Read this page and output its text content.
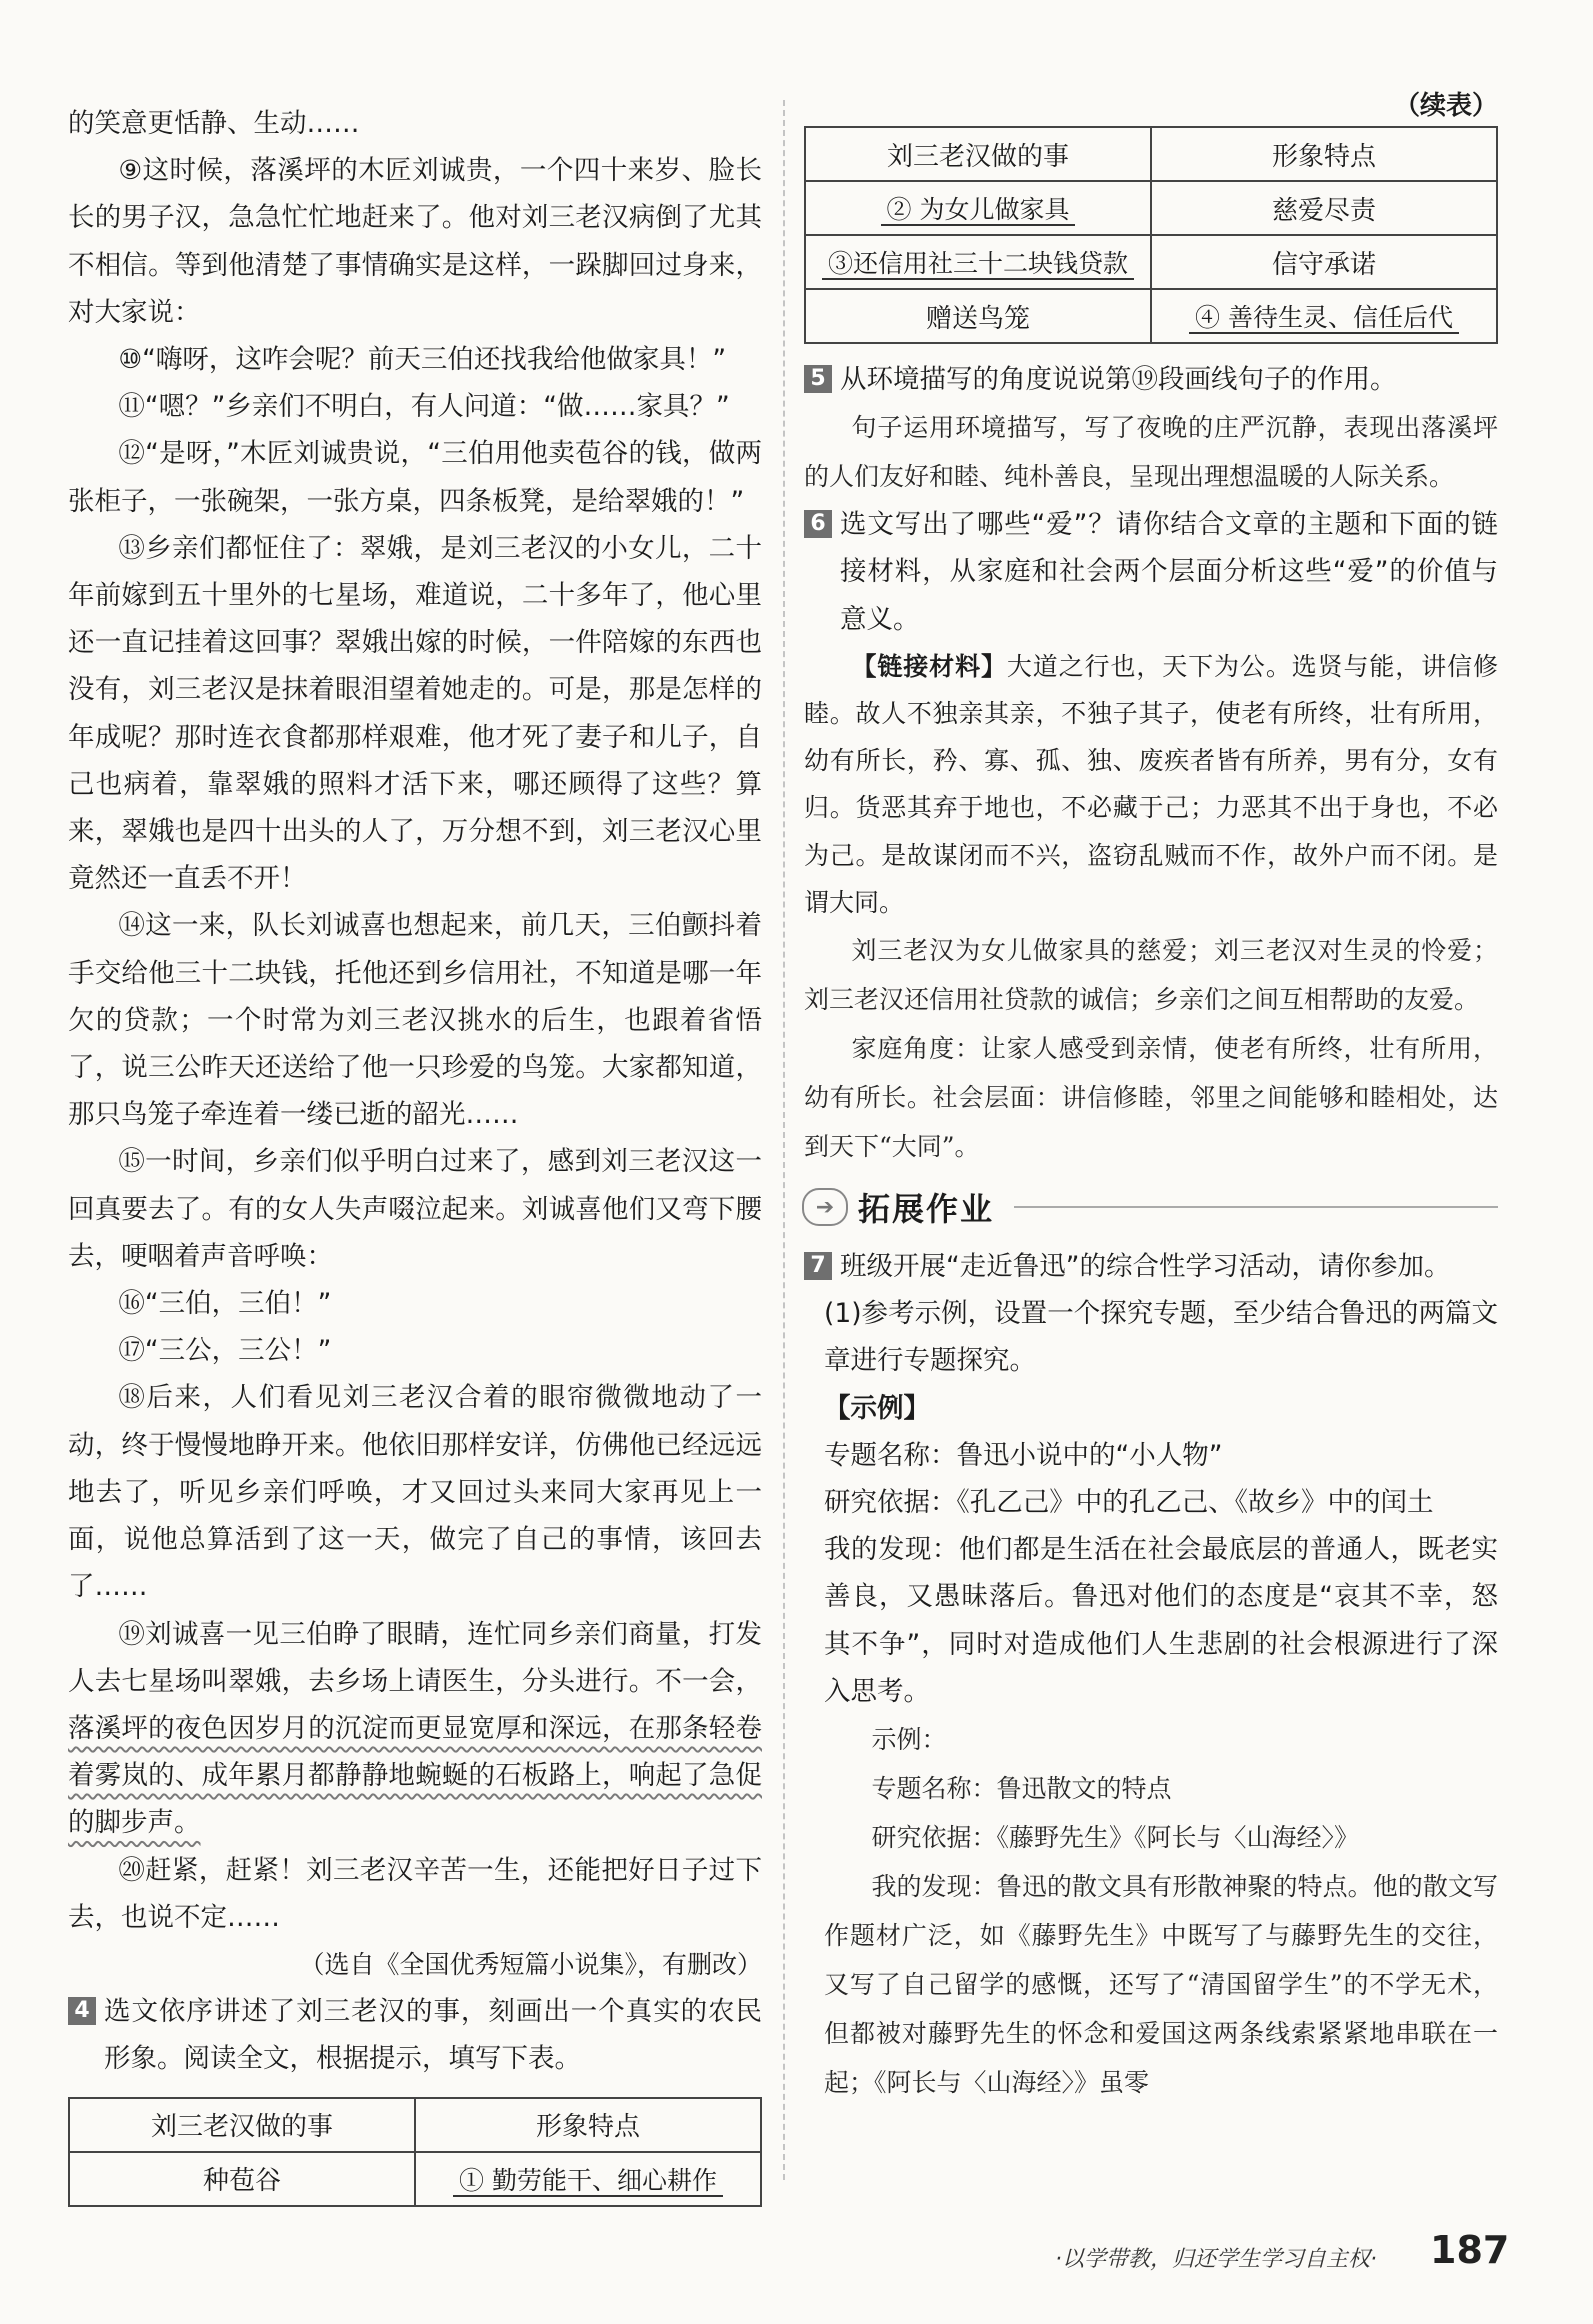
的笑意更恬静、生动……

⑨这时候，落溪坪的木匠刘诚贵，一个四十来岁、脸长长的男子汉，急急忙忙地赶来了。他对刘三老汉病倒了尤其不相信。等到他清楚了事情确实是这样，一跺脚回过身来，对大家说：

⑩“嗨呀，这咋会呢？前天三伯还找我给他做家具！”

⑪“嗯？”乡亲们不明白，有人问道：“做……家具？”

⑫“是呀，”木匠刘诚贵说，“三伯用他卖苞谷的钱，做两张柜子，一张碗架，一张方桌，四条板凳，是给翠娥的！”

⑬乡亲们都怔住了：翠娥，是刘三老汉的小女儿，二十年前嫁到五十里外的七星场，难道说，二十多年了，他心里还一直记挂着这回事？翠娥出嫁的时候，一件陪嫁的东西也没有，刘三老汉是抹着眼泪望着她走的。可是，那是怎样的年成呢？那时连衣食都那样艰难，他才死了妻子和儿子，自己也病着，靠翠娥的照料才活下来，哪还顾得了这些？算来，翠娥也是四十出头的人了，万分想不到，刘三老汉心里竟然还一直丢不开！

⑭这一来，队长刘诚喜也想起来，前几天，三伯颤抖着手交给他三十二块钱，托他还到乡信用社，不知道是哪一年欠的贷款；一个时常为刘三老汉挑水的后生，也跟着省悟了，说三公昨天还送给了他一只珍爱的鸟笼。大家都知道，那只鸟笼子牵连着一缕已逝的韶光……

⑮一时间，乡亲们似乎明白过来了，感到刘三老汉这一回真要去了。有的女人失声啜泣起来。刘诚喜他们又弯下腰去，哽咽着声音呼唤：

⑯“三伯，三伯！”

⑰“三公，三公！”

⑱后来，人们看见刘三老汉合着的眼帘微微地动了一动，终于慢慢地睁开来。他依旧那样安详，仿佛他已经远远地去了，听见乡亲们呼唤，才又回过头来同大家再见上一面，说他总算活到了这一天，做完了自己的事情，该回去了……

⑲刘诚喜一见三伯睁了眼睛，连忙同乡亲们商量，打发人去七星场叫翠娥，去乡场上请医生，分头进行。不一会，落溪坪的夜色因岁月的沉淀而更显宽厚和深远，在那条轻卷着雾岚的、成年累月都静静地蜿蜒的石板路上，响起了急促的脚步声。

⑳赶紧，赶紧！刘三老汉辛苦一生，还能把好日子过下去，也说不定……

（选自《全国优秀短篇小说集》，有删改）

4 选文依序讲述了刘三老汉的事，刻画出一个真实的农民形象。阅读全文，根据提示，填写下表。

刘三老汉做的事	形象特点
种苞谷	① 勤劳能干、细心耕作
（续表）
刘三老汉做的事	形象特点
② 为女儿做家具	慈爱尽责
③还信用社三十二块钱贷款	信守承诺
赠送鸟笼	④ 善待生灵、信任后代
5 从环境描写的角度说说第⑲段画线句子的作用。

句子运用环境描写，写了夜晚的庄严沉静，表现出落溪坪的人们友好和睦、纯朴善良，呈现出理想温暖的人际关系。

6 选文写出了哪些“爱”？请你结合文章的主题和下面的链接材料，从家庭和社会两个层面分析这些“爱”的价值与意义。

【链接材料】大道之行也，天下为公。选贤与能，讲信修睦。故人不独亲其亲，不独子其子，使老有所终，壮有所用，幼有所长，矜、寡、孤、独、废疾者皆有所养，男有分，女有归。货恶其弃于地也，不必藏于己；力恶其不出于身也，不必为己。是故谋闭而不兴，盗窃乱贼而不作，故外户而不闭。是谓大同。

刘三老汉为女儿做家具的慈爱；刘三老汉对生灵的怜爱；刘三老汉还信用社贷款的诚信；乡亲们之间互相帮助的友爱。

家庭角度：让家人感受到亲情，使老有所终，壮有所用，幼有所长。社会层面：讲信修睦，邻里之间能够和睦相处，达到天下“大同”。

➔ 拓展作业
7 班级开展“走近鲁迅”的综合性学习活动，请你参加。

(1)参考示例，设置一个探究专题，至少结合鲁迅的两篇文章进行专题探究。

【示例】

专题名称：鲁迅小说中的“小人物”

研究依据：《孔乙己》中的孔乙己、《故乡》中的闰土

我的发现：他们都是生活在社会最底层的普通人，既老实善良，又愚昧落后。鲁迅对他们的态度是“哀其不幸，怒其不争”，同时对造成他们人生悲剧的社会根源进行了深入思考。

示例：

专题名称：鲁迅散文的特点

研究依据：《藤野先生》《阿长与〈山海经〉》

我的发现：鲁迅的散文具有形散神聚的特点。他的散文写作题材广泛，如《藤野先生》中既写了与藤野先生的交往，又写了自己留学的感慨，还写了“清国留学生”的不学无术，但都被对藤野先生的怀念和爱国这两条线索紧紧地串联在一起；《阿长与〈山海经〉》虽零

·以学带教，归还学生学习自主权· 187
